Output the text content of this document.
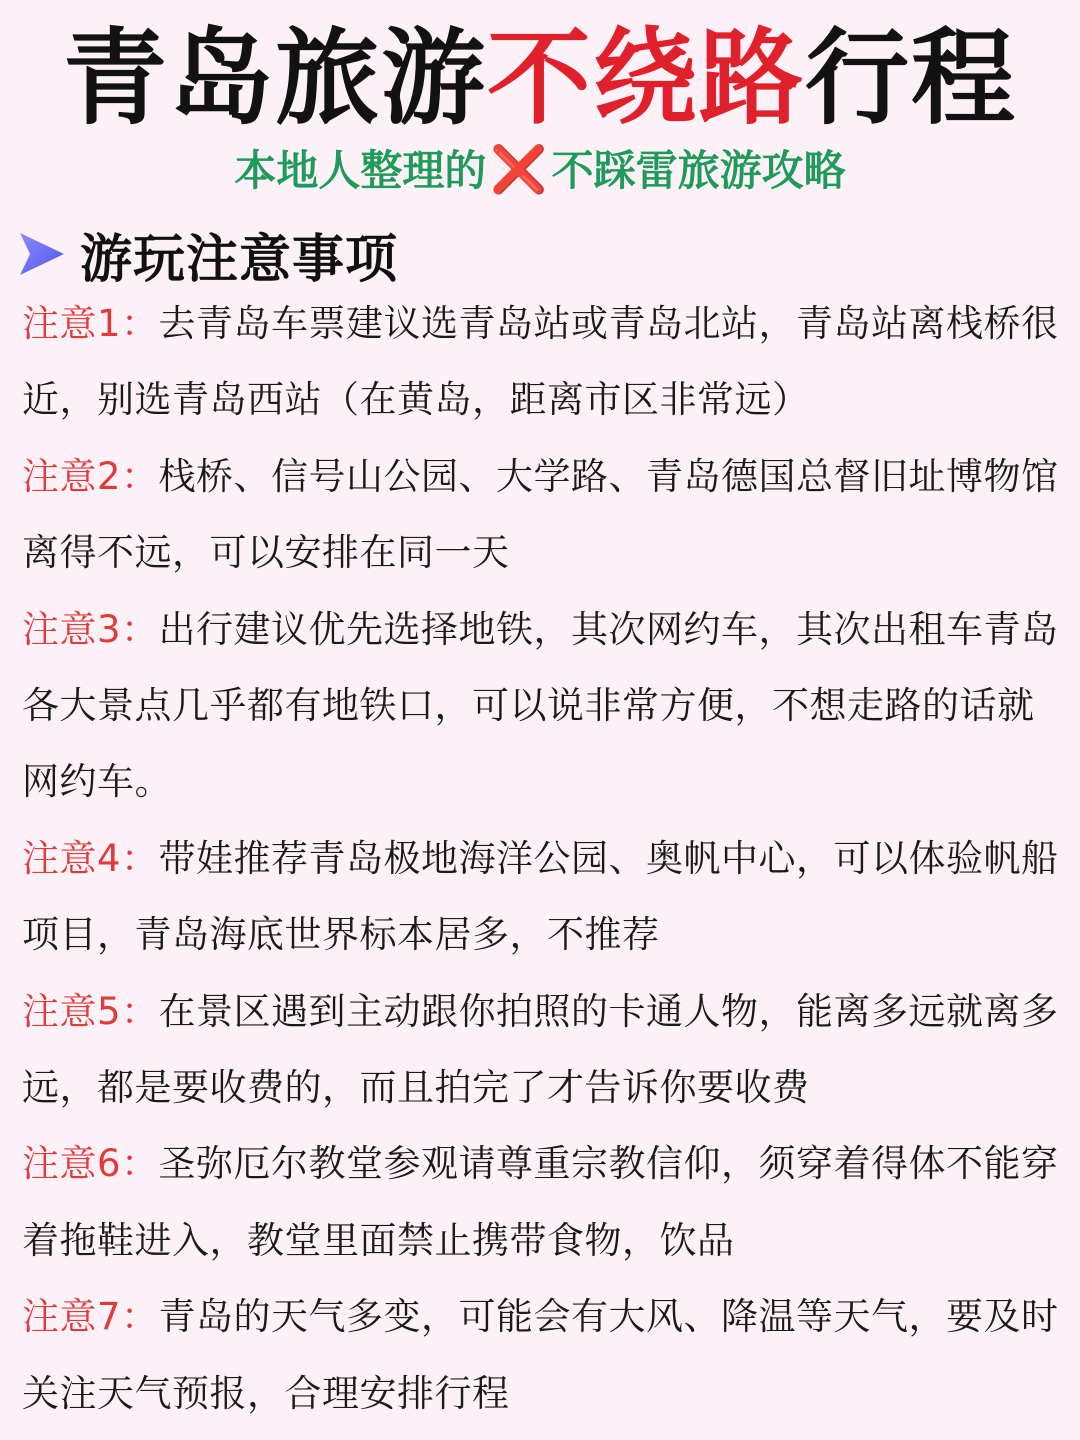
青岛旅游不绕路行程
本地人整理的❌不踩雷旅游攻略
游玩注意事项

注意1：去青岛车票建议选青岛站或青岛北站，青岛站离栈桥很近，别选青岛西站（在黄岛，距离市区非常远）

注意2：栈桥、信号山公园、大学路、青岛德国总督旧址博物馆离得不远，可以安排在同一天

注意3：出行建议优先选择地铁，其次网约车，其次出租车青岛各大景点几乎都有地铁口，可以说非常方便，不想走路的话就网约车。

注意4：带娃推荐青岛极地海洋公园、奥帆中心，可以体验帆船项目，青岛海底世界标本居多，不推荐

注意5：在景区遇到主动跟你拍照的卡通人物，能离多远就离多远，都是要收费的，而且拍完了才告诉你要收费

注意6：圣弥厄尔教堂参观请尊重宗教信仰，须穿着得体不能穿着拖鞋进入，教堂里面禁止携带食物，饮品

注意7：青岛的天气多变，可能会有大风、降温等天气，要及时关注天气预报，合理安排行程
